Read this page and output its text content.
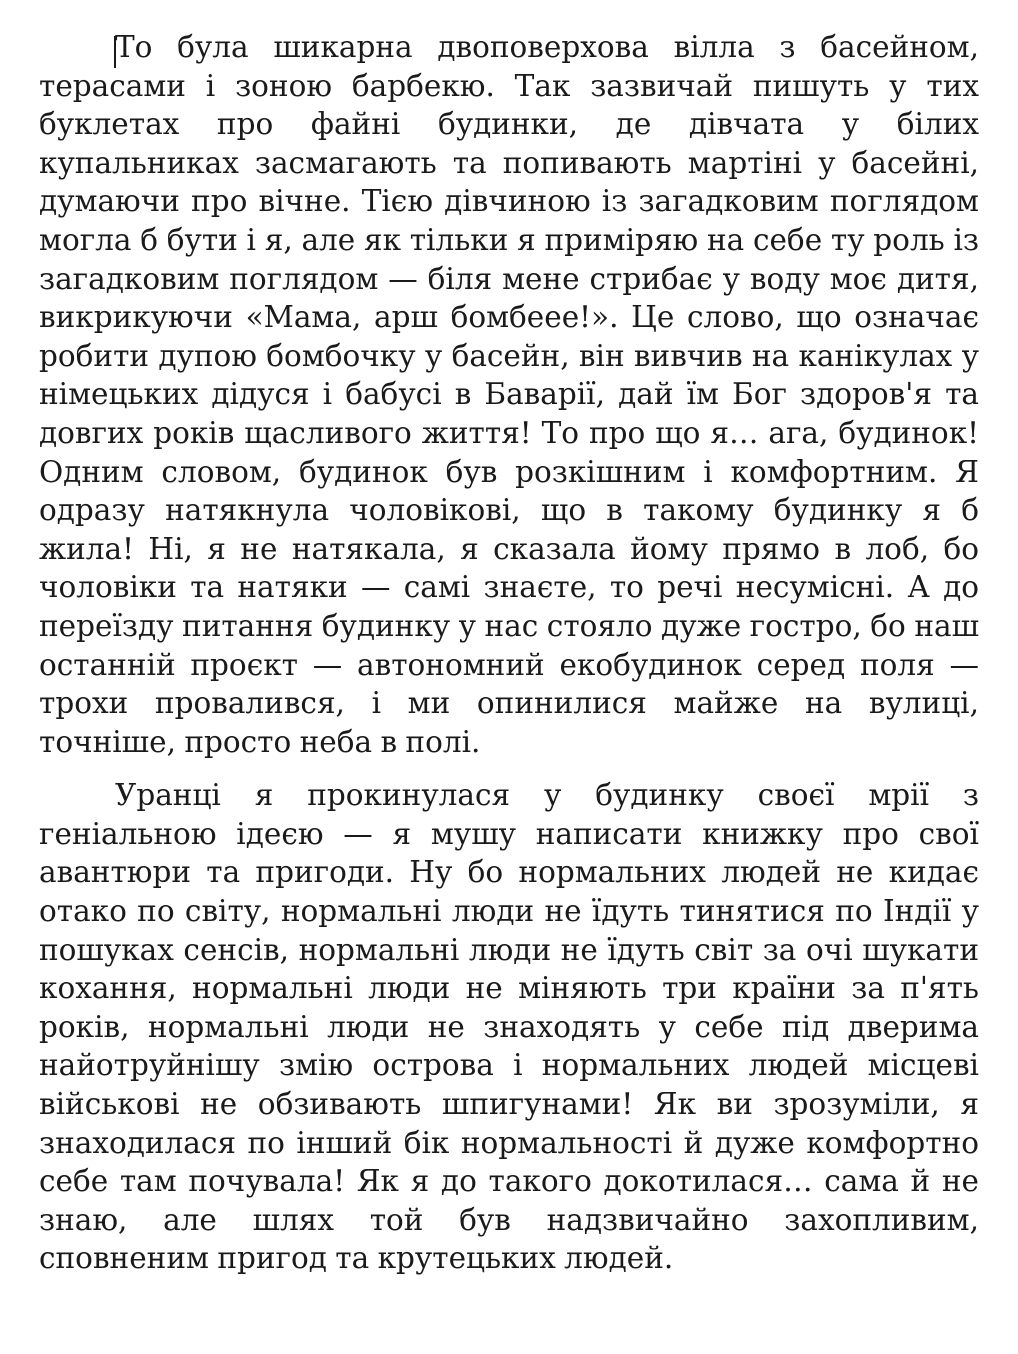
То була шикарна двоповерхова вілла з басейном, терасами і зоною барбекю. Так зазвичай пишуть у тих буклетах про файні будинки, де дівчата у білих купальниках засмагають та попивають мартіні у басейні, думаючи про вічне. Тією дівчиною із загадковим поглядом могла б бути і я, але як тільки я приміряю на себе ту роль із загадковим поглядом — біля мене стрибає у воду моє дитя, викрикуючи «Мама, арш бомбеее!». Це слово, що означає робити дупою бомбочку у басейн, він вивчив на канікулах у німецьких дідуся і бабусі в Баварії, дай їм Бог здоров'я та довгих років щасливого життя! То про що я… ага, будинок! Одним словом, будинок був розкішним і комфортним. Я одразу натякнула чоловікові, що в такому будинку я б жила! Ні, я не натякала, я сказала йому прямо в лоб, бо чоловіки та натяки — самі знаєте, то речі несумісні. А до переїзду питання будинку у нас стояло дуже гостро, бо наш останній проєкт — автономний екобудинок серед поля — трохи провалився, і ми опинилися майже на вулиці, точніше, просто неба в полі.

Уранці я прокинулася у будинку своєї мрії з геніальною ідеєю — я мушу написати книжку про свої авантюри та пригоди. Ну бо нормальних людей не кидає отако по світу, нормальні люди не їдуть тинятися по Індії у пошуках сенсів, нормальні люди не їдуть світ за очі шукати кохання, нормальні люди не міняють три країни за п'ять років, нормальні люди не знаходять у себе під дверима найотруйнішу змію острова і нормальних людей місцеві військові не обзивають шпигунами! Як ви зрозуміли, я знаходилася по інший бік нормальності й дуже комфортно себе там почувала! Як я до такого докотилася… сама й не знаю, але шлях той був надзвичайно захопливим, сповненим пригод та крутецьких людей.
